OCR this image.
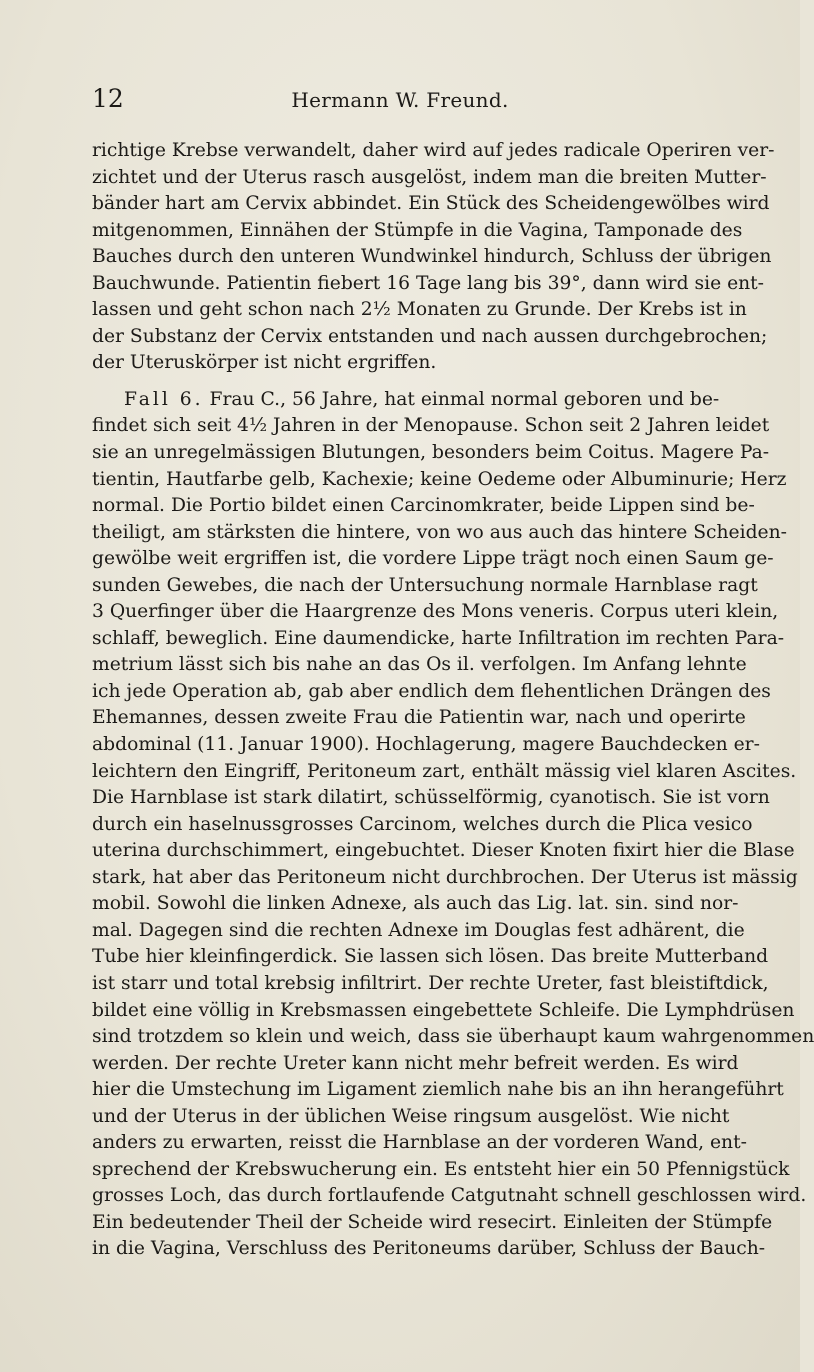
12	Hermann W. Freund.
richtige Krebse verwandelt, daher wird auf jedes radicale Operiren ver-
zichtet und der Uterus rasch ausgelöst, indem man die breiten Mutter-
bänder hart am Cervix abbindet. Ein Stück des Scheidengewölbes wird
mitgenommen, Einnähen der Stümpfe in die Vagina, Tamponade des
Bauches durch den unteren Wundwinkel hindurch, Schluss der übrigen
Bauchwunde. Patientin fiebert 16 Tage lang bis 39°, dann wird sie ent-
lassen und geht schon nach 2½ Monaten zu Grunde. Der Krebs ist in
der Substanz der Cervix entstanden und nach aussen durchgebrochen;
der Uteruskörper ist nicht ergriffen.
Fall 6. Frau C., 56 Jahre, hat einmal normal geboren und be-
findet sich seit 4½ Jahren in der Menopause. Schon seit 2 Jahren leidet
sie an unregelmässigen Blutungen, besonders beim Coitus. Magere Pa-
tientin, Hautfarbe gelb, Kachexie; keine Oedeme oder Albuminurie; Herz
normal. Die Portio bildet einen Carcinomkrater, beide Lippen sind be-
theiligt, am stärksten die hintere, von wo aus auch das hintere Scheiden-
gewölbe weit ergriffen ist, die vordere Lippe trägt noch einen Saum ge-
sunden Gewebes, die nach der Untersuchung normale Harnblase ragt
3 Querfinger über die Haargrenze des Mons veneris. Corpus uteri klein,
schlaff, beweglich. Eine daumendicke, harte Infiltration im rechten Para-
metrium lässt sich bis nahe an das Os il. verfolgen. Im Anfang lehnte
ich jede Operation ab, gab aber endlich dem flehentlichen Drängen des
Ehemannes, dessen zweite Frau die Patientin war, nach und operirte
abdominal (11. Januar 1900). Hochlagerung, magere Bauchdecken er-
leichtern den Eingriff, Peritoneum zart, enthält mässig viel klaren Ascites.
Die Harnblase ist stark dilatirt, schüsselförmig, cyanotisch. Sie ist vorn
durch ein haselnussgrosses Carcinom, welches durch die Plica vesico
uterina durchschimmert, eingebuchtet. Dieser Knoten fixirt hier die Blase
stark, hat aber das Peritoneum nicht durchbrochen. Der Uterus ist mässig
mobil. Sowohl die linken Adnexe, als auch das Lig. lat. sin. sind nor-
mal. Dagegen sind die rechten Adnexe im Douglas fest adhärent, die
Tube hier kleinfingerdick. Sie lassen sich lösen. Das breite Mutterband
ist starr und total krebsig infiltrirt. Der rechte Ureter, fast bleistiftdick,
bildet eine völlig in Krebsmassen eingebettete Schleife. Die Lymphdrüsen
sind trotzdem so klein und weich, dass sie überhaupt kaum wahrgenommen
werden. Der rechte Ureter kann nicht mehr befreit werden. Es wird
hier die Umstechung im Ligament ziemlich nahe bis an ihn herangeführt
und der Uterus in der üblichen Weise ringsum ausgelöst. Wie nicht
anders zu erwarten, reisst die Harnblase an der vorderen Wand, ent-
sprechend der Krebswucherung ein. Es entsteht hier ein 50 Pfennigstück
grosses Loch, das durch fortlaufende Catgutnaht schnell geschlossen wird.
Ein bedeutender Theil der Scheide wird resecirt. Einleiten der Stümpfe
in die Vagina, Verschluss des Peritoneums darüber, Schluss der Bauch-
